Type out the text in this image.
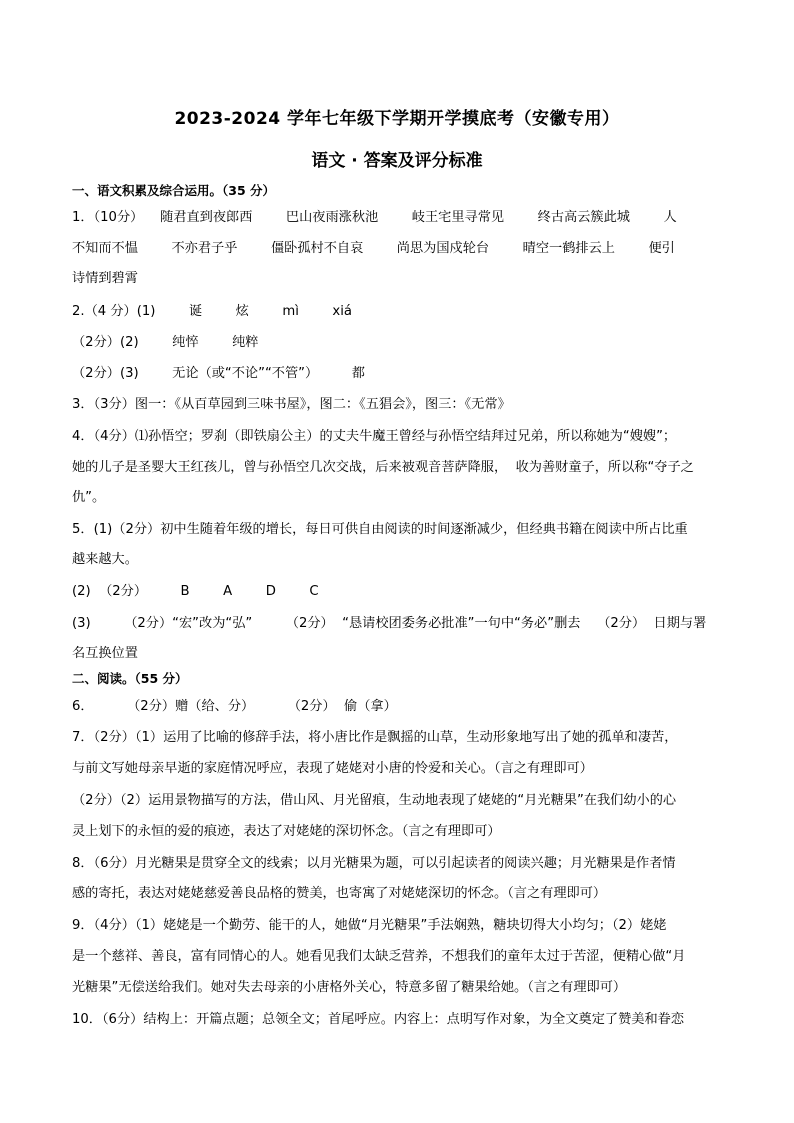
2023-2024 学年七年级下学期开学摸底考（安徽专用）
语文 · 答案及评分标准
一、语文积累及综合运用。（35 分）
1．（10分）    随君直到夜郎西        巴山夜雨涨秋池        岐王宅里寻常见        终古高云簇此城        人
不知而不愠        不亦君子乎        僵卧孤村不自哀        尚思为国戍轮台        晴空一鹤排云上        便引
诗情到碧霄
2.（4 分）(1)        诞        炫        mì        xiá
（2分）(2)        纯悴        纯粹
（2分）(3)        无论（或“不论”“不管”）        都
3．（3分）图一：《从百草园到三味书屋》，图二：《五猖会》，图三：《无常》
4．（4分）⑴孙悟空；罗刹（即铁扇公主）的丈夫牛魔王曾经与孙悟空结拜过兄弟，所以称她为“嫂嫂”；
她的儿子是圣婴大王红孩儿，曾与孙悟空几次交战，后来被观音菩萨降服，  收为善财童子，所以称“夺子之
仇”。
5．(1)（2分）初中生随着年级的增长，每日可供自由阅读的时间逐渐减少，但经典书籍在阅读中所占比重
越来越大。
(2)  （2分）        B        A        D        C
(3)        （2分）“宏”改为“弘”        （2分）  “恳请校团委务必批准”一句中“务必”删去    （2分）  日期与署
名互换位置
二、阅读。（55 分）
6．        （2分）赠（给、分）        （2分）  偷（拿）
7．（2分）（1）运用了比喻的修辞手法，将小唐比作是飘摇的山草，生动形象地写出了她的孤单和凄苦，
与前文写她母亲早逝的家庭情况呼应，表现了姥姥对小唐的怜爱和关心。（言之有理即可）
（2分）（2）运用景物描写的方法，借山风、月光留痕，生动地表现了姥姥的“月光糖果”在我们幼小的心
灵上划下的永恒的爱的痕迹，表达了对姥姥的深切怀念。（言之有理即可）
8．（6分）月光糖果是贯穿全文的线索；以月光糖果为题，可以引起读者的阅读兴趣；月光糖果是作者情
感的寄托，表达对姥姥慈爱善良品格的赞美，也寄寓了对姥姥深切的怀念。（言之有理即可）
9．（4分）（1）姥姥是一个勤劳、能干的人，她做“月光糖果”手法娴熟，糖块切得大小均匀；（2）姥姥
是一个慈祥、善良，富有同情心的人。她看见我们太缺乏营养，不想我们的童年太过于苦涩，便精心做“月
光糖果”无偿送给我们。她对失去母亲的小唐格外关心，特意多留了糖果给她。（言之有理即可）
10．（6分）结构上：开篇点题；总领全文；首尾呼应。内容上：点明写作对象，为全文奠定了赞美和眷恋
